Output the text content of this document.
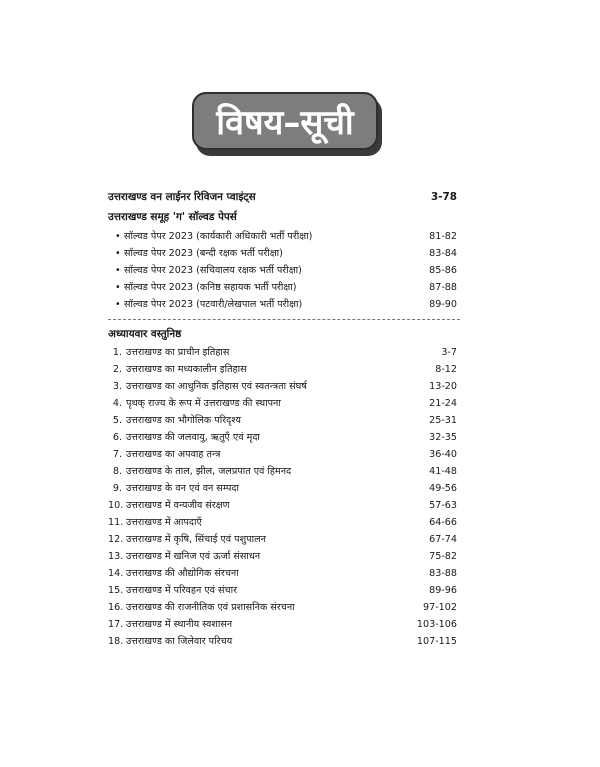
विषय–सूची
उत्तराखण्ड वन लाईनर रिविजन प्वाइंट्स	3-78
उत्तराखण्ड समूह 'ग' सॉल्वड पेपर्स
• सॉल्वड पेपर 2023 (कार्यकारी अधिकारी भर्ती परीक्षा)	81-82
• सॉल्वड पेपर 2023 (बन्दी रक्षक भर्ती परीक्षा)	83-84
• सॉल्वड पेपर 2023 (सचिवालय रक्षक भर्ती परीक्षा)	85-86
• सॉल्वड पेपर 2023 (कनिष्ठ सहायक भर्ती परीक्षा)	87-88
• सॉल्वड पेपर 2023 (पटवारी/लेखपाल भर्ती परीक्षा)	89-90
अध्यायवार वस्तुनिष्ठ
1. उत्तराखण्ड का प्राचीन इतिहास	3-7
2. उत्तराखण्ड का मध्यकालीन इतिहास	8-12
3. उत्तराखण्ड का आधुनिक इतिहास एवं स्वतन्त्रता संघर्ष	13-20
4. पृथक् राज्य के रूप में उत्तराखण्ड की स्थापना	21-24
5. उत्तराखण्ड का भौगोलिक परिदृश्य	25-31
6. उत्तराखण्ड की जलवायु, ऋतुएँ एवं मृदा	32-35
7. उत्तराखण्ड का अपवाह तन्त्र	36-40
8. उत्तराखण्ड के ताल, झील, जलप्रपात एवं हिमनद	41-48
9. उत्तराखण्ड के वन एवं वन सम्पदा	49-56
10. उत्तराखण्ड में वन्यजीव संरक्षण	57-63
11. उत्तराखण्ड में आपदाएँ	64-66
12. उत्तराखण्ड में कृषि, सिंचाई एवं पशुपालन	67-74
13. उत्तराखण्ड में खनिज एवं ऊर्जा संसाधन	75-82
14. उत्तराखण्ड की औद्योगिक संरचना	83-88
15. उत्तराखण्ड में परिवहन एवं संचार	89-96
16. उत्तराखण्ड की राजनीतिक एवं प्रशासनिक संरचना	97-102
17. उत्तराखण्ड में स्थानीय स्वशासन	103-106
18. उत्तराखण्ड का जिलेवार परिचय	107-115
